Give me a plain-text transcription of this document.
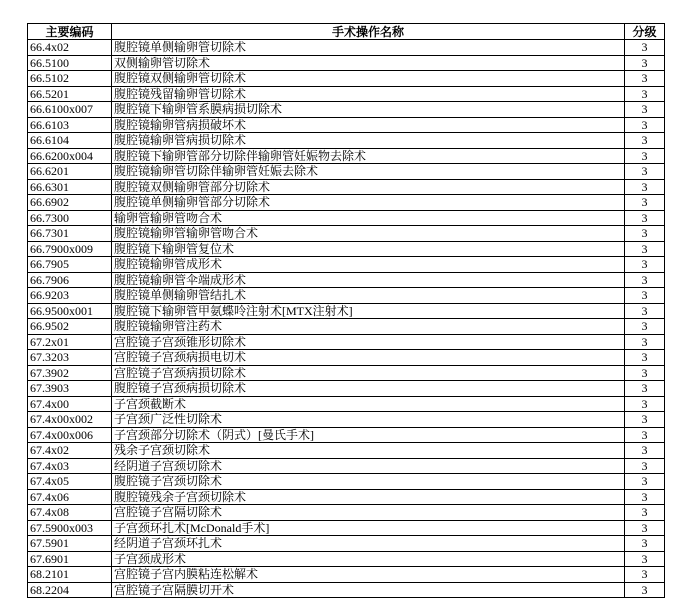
主要编码	手术操作名称	分级
66.4x02	腹腔镜单侧输卵管切除术	3
66.5100	双侧输卵管切除术	3
66.5102	腹腔镜双侧输卵管切除术	3
66.5201	腹腔镜残留输卵管切除术	3
66.6100x007	腹腔镜下输卵管系膜病损切除术	3
66.6103	腹腔镜输卵管病损破坏术	3
66.6104	腹腔镜输卵管病损切除术	3
66.6200x004	腹腔镜下输卵管部分切除伴输卵管妊娠物去除术	3
66.6201	腹腔镜输卵管切除伴输卵管妊娠去除术	3
66.6301	腹腔镜双侧输卵管部分切除术	3
66.6902	腹腔镜单侧输卵管部分切除术	3
66.7300	输卵管输卵管吻合术	3
66.7301	腹腔镜输卵管输卵管吻合术	3
66.7900x009	腹腔镜下输卵管复位术	3
66.7905	腹腔镜输卵管成形术	3
66.7906	腹腔镜输卵管伞端成形术	3
66.9203	腹腔镜单侧输卵管结扎术	3
66.9500x001	腹腔镜下输卵管甲氨蝶呤注射术[MTX注射术]	3
66.9502	腹腔镜输卵管注药术	3
67.2x01	宫腔镜子宫颈锥形切除术	3
67.3203	宫腔镜子宫颈病损电切术	3
67.3902	宫腔镜子宫颈病损切除术	3
67.3903	腹腔镜子宫颈病损切除术	3
67.4x00	子宫颈截断术	3
67.4x00x002	子宫颈广泛性切除术	3
67.4x00x006	子宫颈部分切除术（阴式）[曼氏手术]	3
67.4x02	残余子宫颈切除术	3
67.4x03	经阴道子宫颈切除术	3
67.4x05	腹腔镜子宫颈切除术	3
67.4x06	腹腔镜残余子宫颈切除术	3
67.4x08	宫腔镜子宫隔切除术	3
67.5900x003	子宫颈环扎术[McDonald手术]	3
67.5901	经阴道子宫颈环扎术	3
67.6901	子宫颈成形术	3
68.2101	宫腔镜子宫内膜粘连松解术	3
68.2204	宫腔镜子宫隔膜切开术	3
